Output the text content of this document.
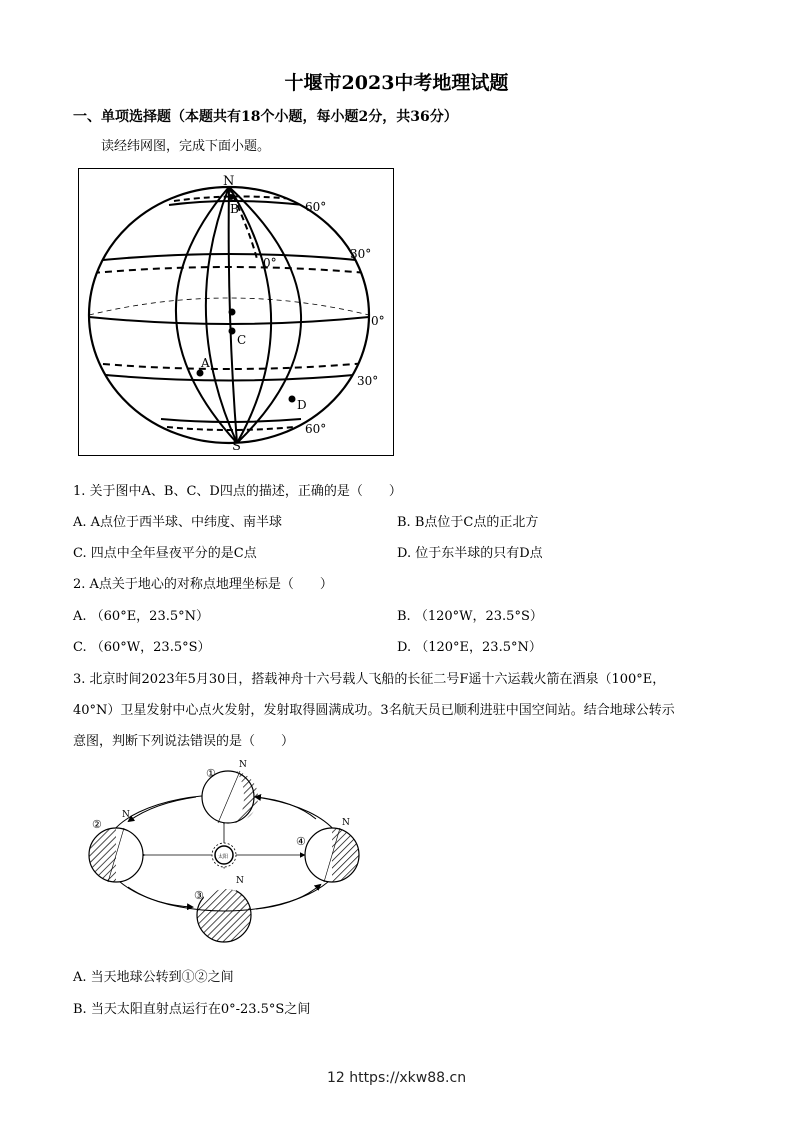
十堰市2023中考地理试题
一、单项选择题（本题共有18个小题，每小题2分，共36分）
读经纬网图，完成下面小题。
N
S
B
C
A
D
0°
60°
30°
0°
30°
60°
1. 关于图中A、B、C、D四点的描述，正确的是（　　）
A. A点位于西半球、中纬度、南半球	B. B点位于C点的正北方
C. 四点中全年昼夜平分的是C点	D. 位于东半球的只有D点
2. A点关于地心的对称点地理坐标是（　　）
A. （60°E，23.5°N）	B. （120°W，23.5°S）
C. （60°W，23.5°S）	D. （120°E，23.5°N）
3. 北京时间2023年5月30日，搭载神舟十六号载人飞船的长征二号F遥十六运载火箭在酒泉（100°E，
40°N）卫星发射中心点火发射，发射取得圆满成功。3名航天员已顺利进驻中国空间站。结合地球公转示
意图，判断下列说法错误的是（　　）
太阳
①
N
②
N
④
N
③
N
A. 当天地球公转到①②之间
B. 当天太阳直射点运行在0°-23.5°S之间
12 https://xkw88.cn
